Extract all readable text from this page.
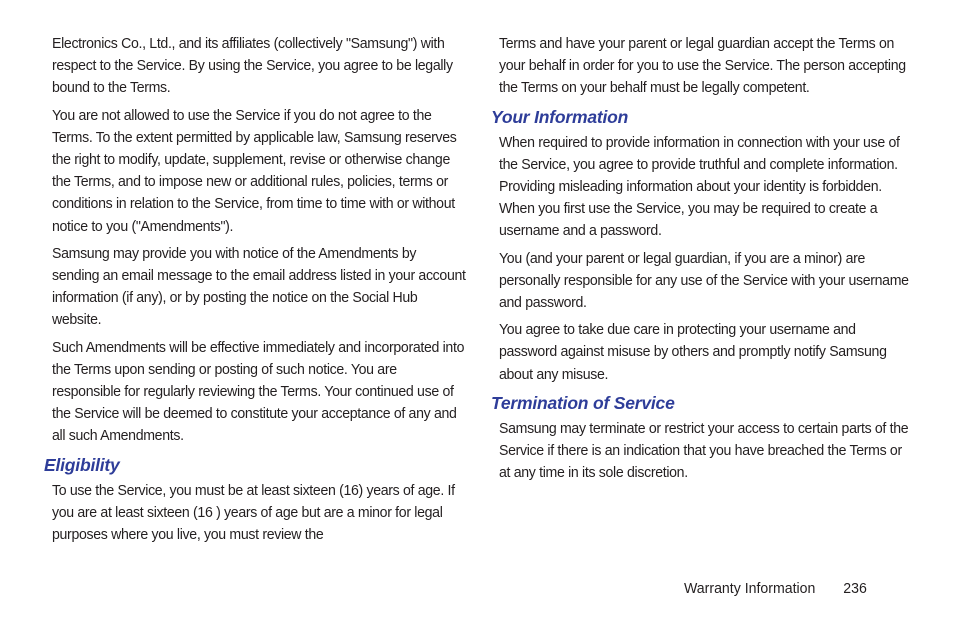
Electronics Co., Ltd., and its affiliates (collectively "Samsung") with respect to the Service. By using the Service, you agree to be legally bound to the Terms.

You are not allowed to use the Service if you do not agree to the Terms. To the extent permitted by applicable law, Samsung reserves the right to modify, update, supplement, revise or otherwise change the Terms, and to impose new or additional rules, policies, terms or conditions in relation to the Service, from time to time with or without notice to you ("Amendments").

Samsung may provide you with notice of the Amendments by sending an email message to the email address listed in your account information (if any), or by posting the notice on the Social Hub website.

Such Amendments will be effective immediately and incorporated into the Terms upon sending or posting of such notice. You are responsible for regularly reviewing the Terms. Your continued use of the Service will be deemed to constitute your acceptance of any and all such Amendments.

Eligibility

To use the Service, you must be at least sixteen (16) years of age. If you are at least sixteen (16 ) years of age but are a minor for legal purposes where you live, you must review the

Terms and have your parent or legal guardian accept the Terms on your behalf in order for you to use the Service. The person accepting the Terms on your behalf must be legally competent.

Your Information

When required to provide information in connection with your use of the Service, you agree to provide truthful and complete information. Providing misleading information about your identity is forbidden. When you first use the Service, you may be required to create a username and a password.

You (and your parent or legal guardian, if you are a minor) are personally responsible for any use of the Service with your username and password.

You agree to take due care in protecting your username and password against misuse by others and promptly notify Samsung about any misuse.

Termination of Service

Samsung may terminate or restrict your access to certain parts of the Service if there is an indication that you have breached the Terms or at any time in its sole discretion.

Warranty Information 236
